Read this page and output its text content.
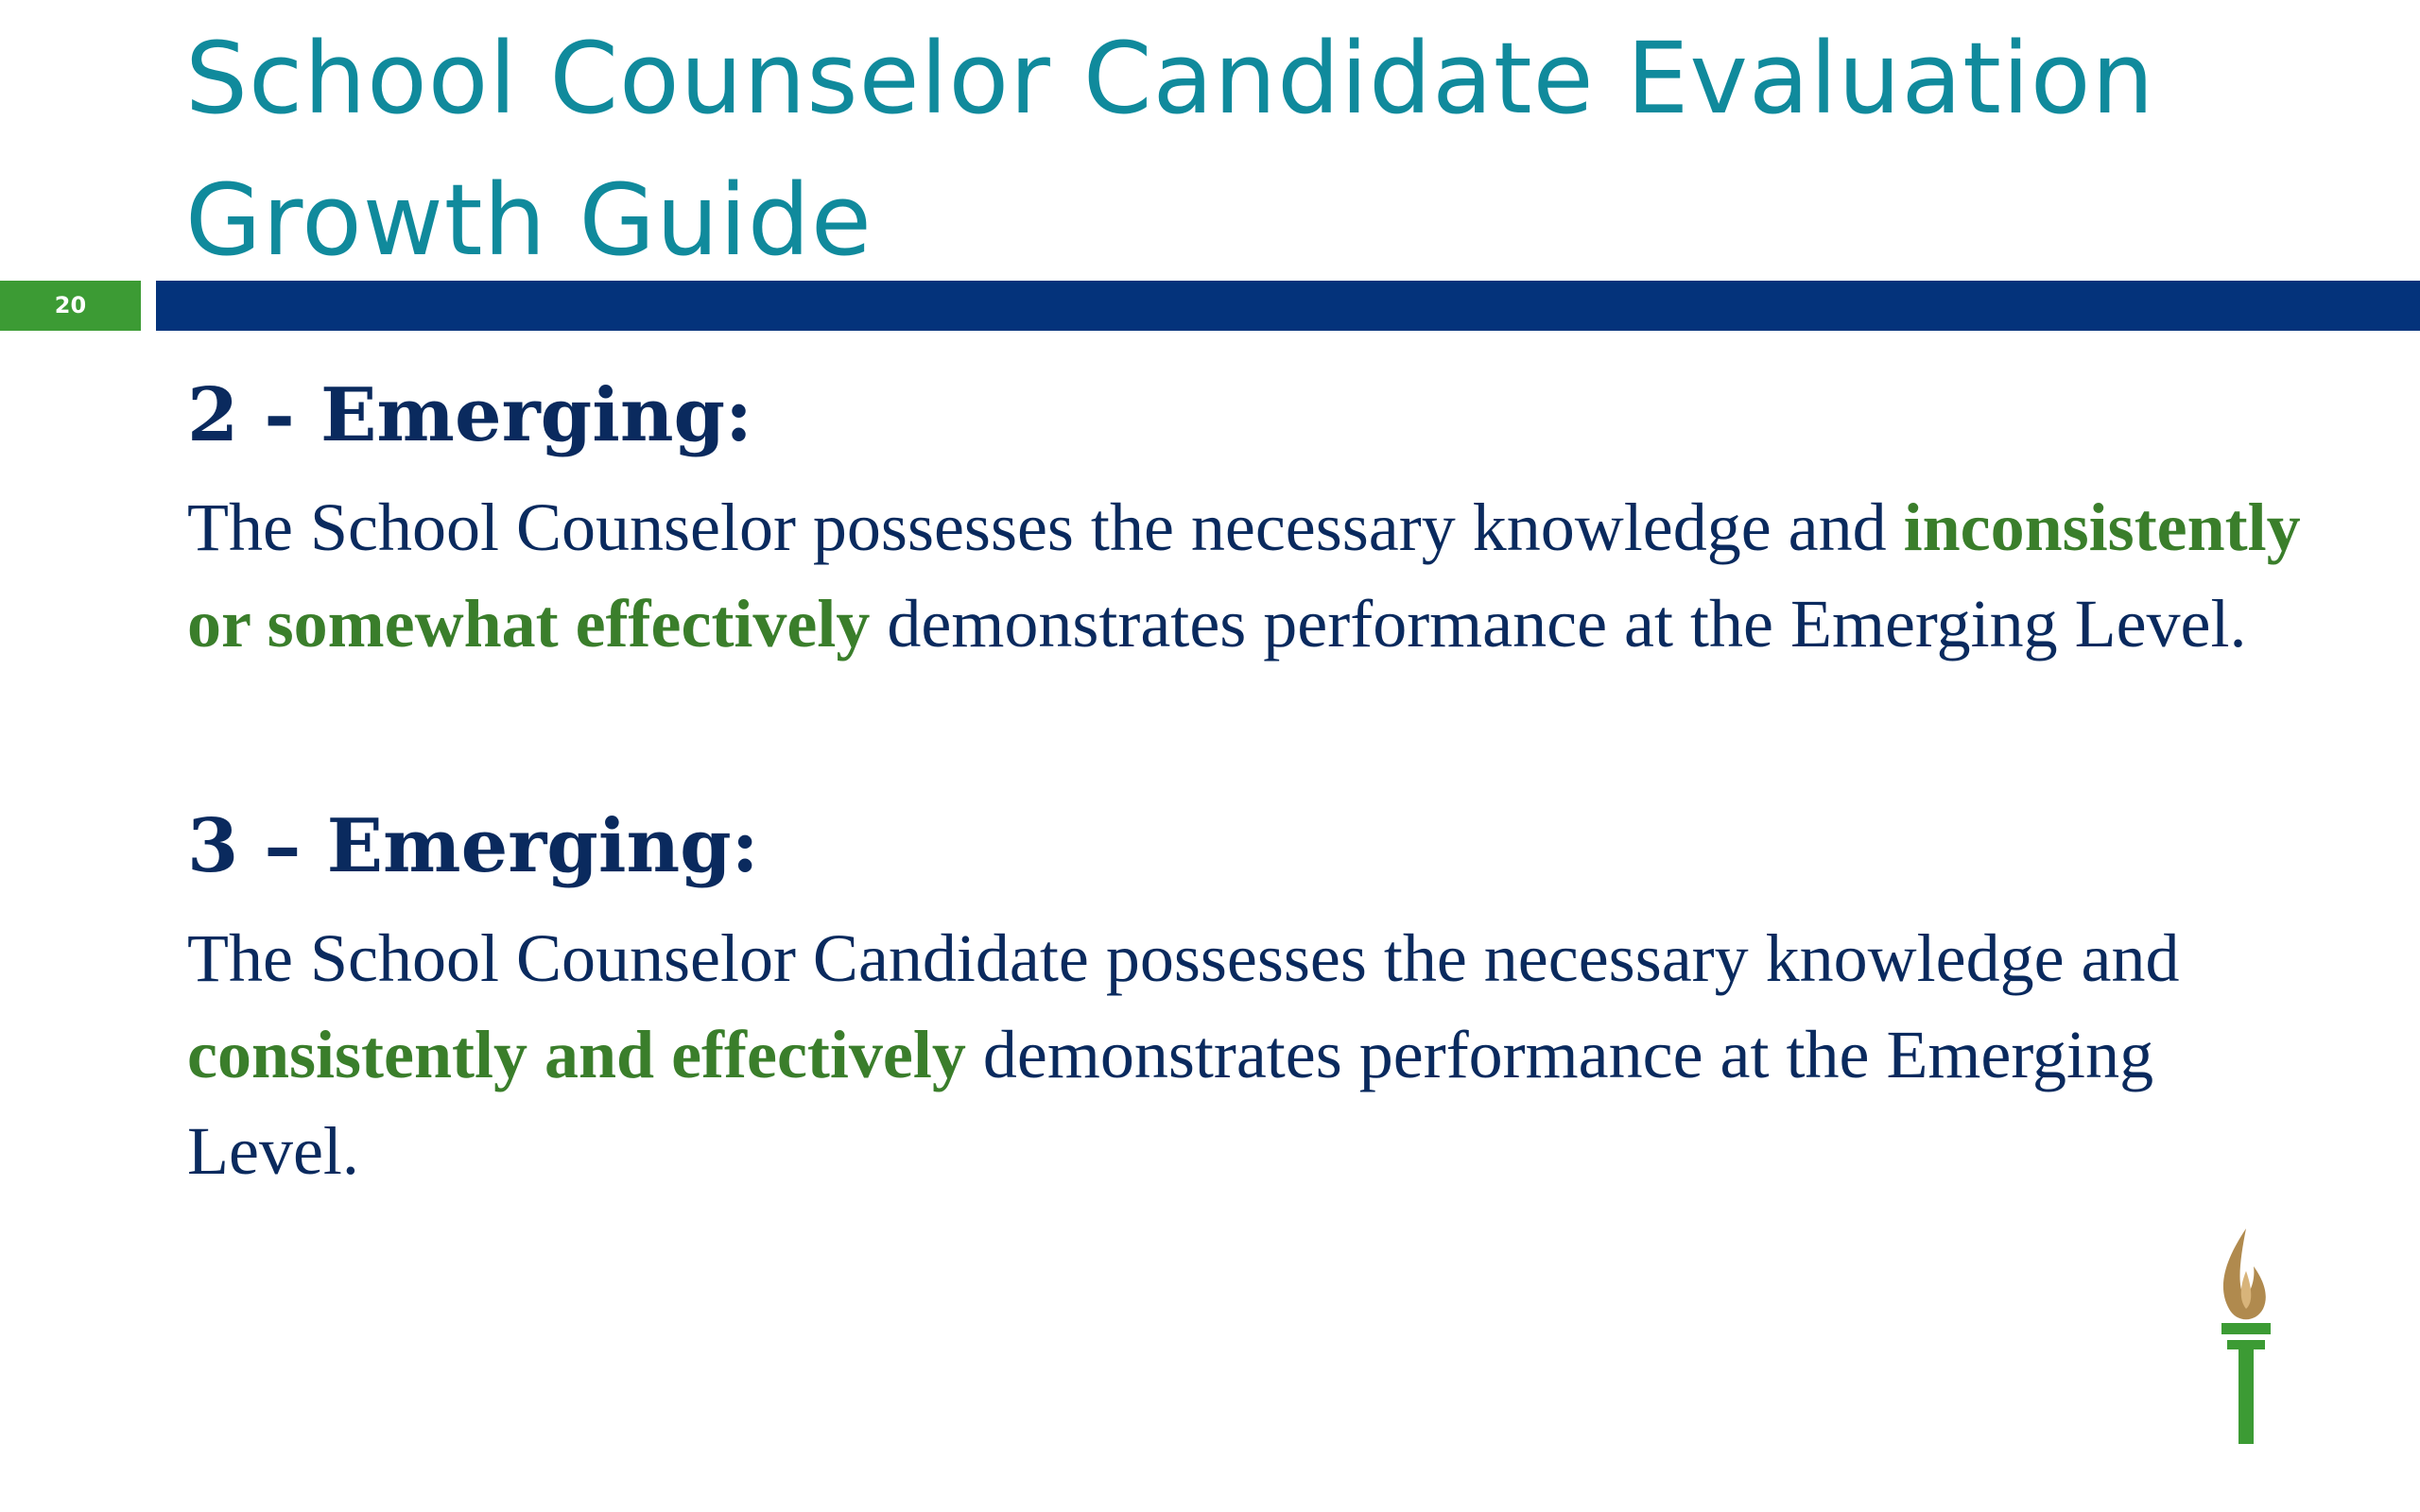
School Counselor Candidate Evaluation
Growth Guide
20

2 - Emerging:

The School Counselor possesses the necessary knowledge and inconsistently or somewhat effectively demonstrates performance at the Emerging Level.

3 – Emerging:

The School Counselor Candidate possesses the necessary knowledge and consistently and effectively demonstrates performance at the Emerging Level.
